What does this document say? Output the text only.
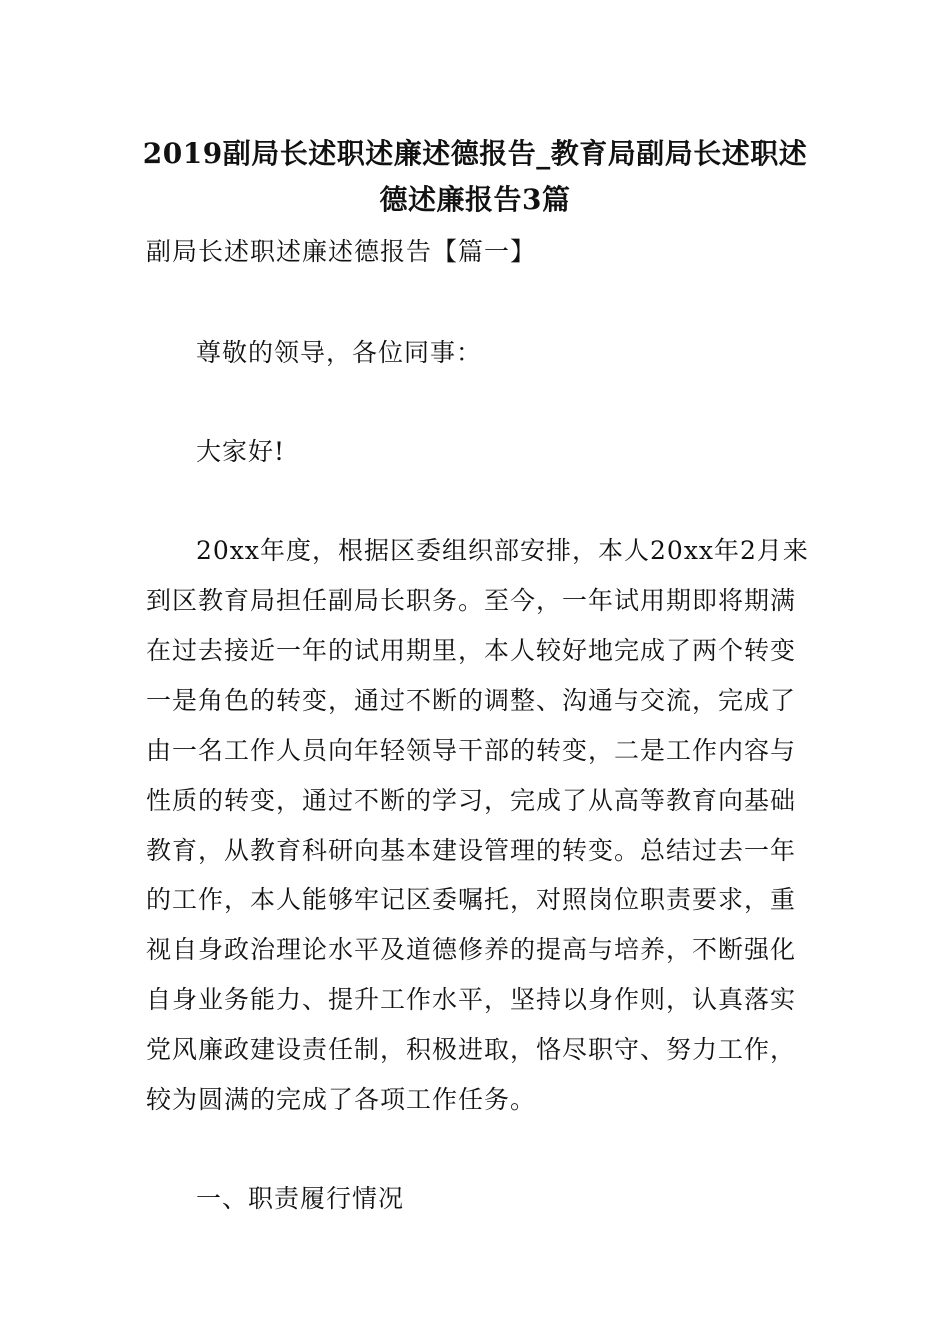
2019副局长述职述廉述德报告_教育局副局长述职述
德述廉报告3篇
副局长述职述廉述德报告【篇一】
尊敬的领导，各位同事：
大家好!
20xx年度，根据区委组织部安排，本人20xx年2月来
到区教育局担任副局长职务。至今，一年试用期即将期满
在过去接近一年的试用期里，本人较好地完成了两个转变
一是角色的转变，通过不断的调整、沟通与交流，完成了
由一名工作人员向年轻领导干部的转变，二是工作内容与
性质的转变，通过不断的学习，完成了从高等教育向基础
教育，从教育科研向基本建设管理的转变。总结过去一年
的工作，本人能够牢记区委嘱托，对照岗位职责要求，重
视自身政治理论水平及道德修养的提高与培养，不断强化
自身业务能力、提升工作水平，坚持以身作则，认真落实
党风廉政建设责任制，积极进取，恪尽职守、努力工作，
较为圆满的完成了各项工作任务。
一、职责履行情况
